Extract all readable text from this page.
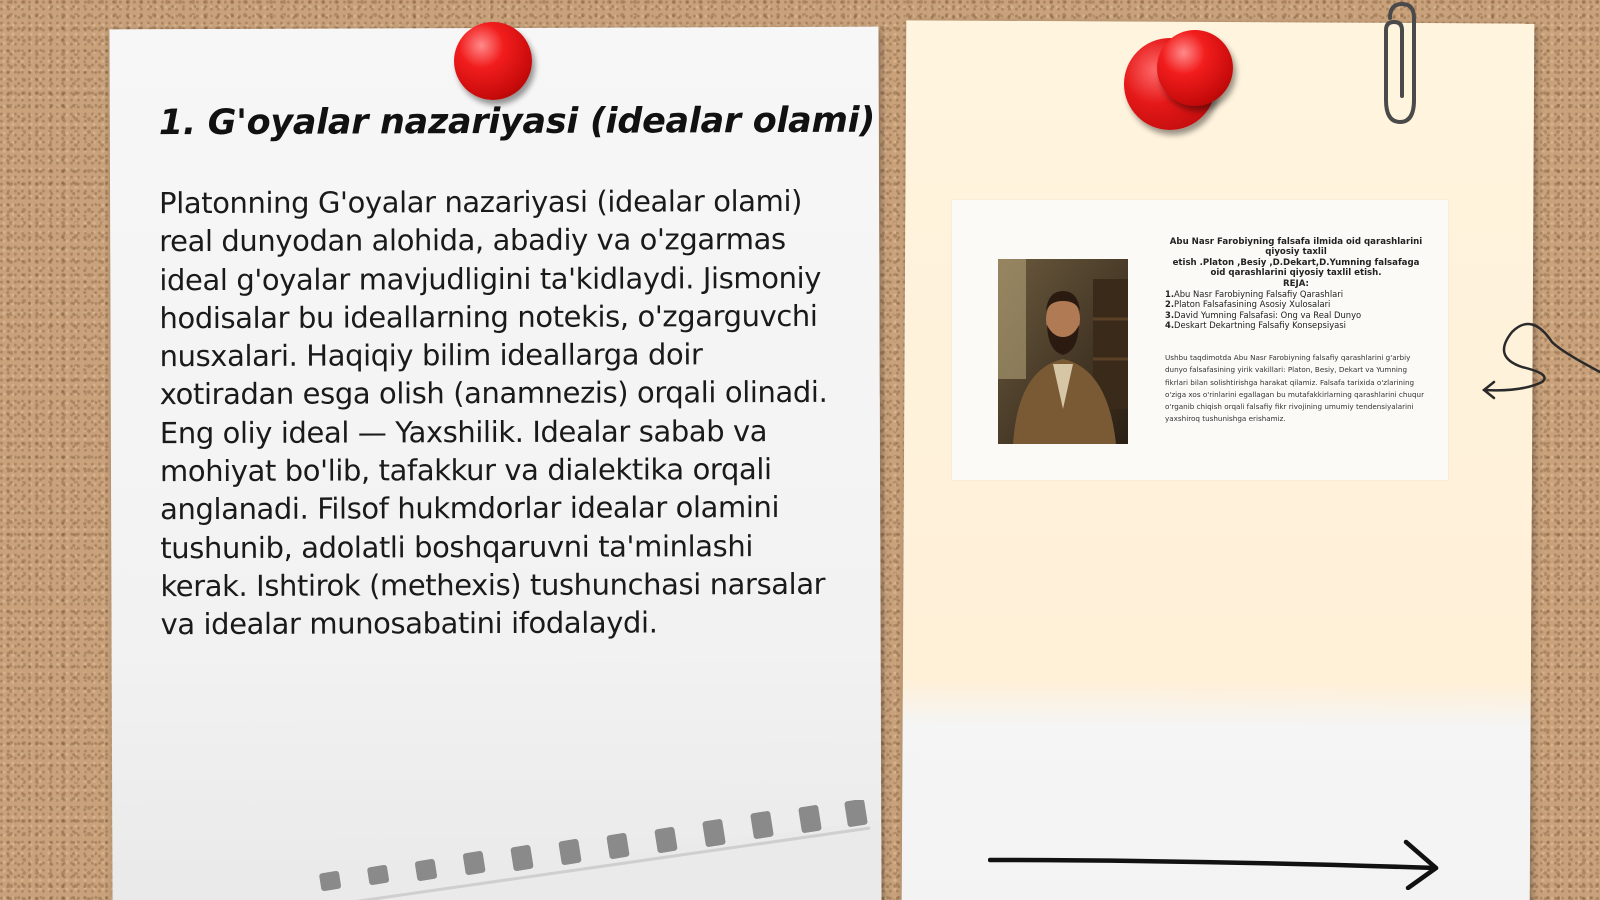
1. G'oyalar nazariyasi (idealar olami)

Platonning G'oyalar nazariyasi (idealar olami) real dunyodan alohida, abadiy va o'zgarmas ideal g'oyalar mavjudligini ta'kidlaydi. Jismoniy hodisalar bu ideallarning notekis, o'zgarguvchi nusxalari. Haqiqiy bilim ideallarga doir xotiradan esga olish (anamnezis) orqali olinadi. Eng oliy ideal — Yaxshilik. Idealar sabab va mohiyat bo'lib, tafakkur va dialektika orqali anglanadi. Filsof hukmdorlar idealar olamini tushunib, adolatli boshqaruvni ta'minlashi kerak. Ishtirok (methexis) tushunchasi narsalar va idealar munosabatini ifodalaydi.

Abu Nasr Farobiyning falsafa ilmida oid qarashlarini qiyosiy taxlil

etish .Platon ,Besiy ,D.Dekart,D.Yumning falsafaga oid qarashlarini qiyosiy taxlil etish.

REJA:

1.Abu Nasr Farobiyning Falsafiy Qarashlari
2.Platon Falsafasining Asosiy Xulosalari
3.David Yumning Falsafasi: Ong va Real Dunyo
4.Deskart Dekartning Falsafiy Konsepsiyasi

Ushbu taqdimotda Abu Nasr Farobiyning falsafiy qarashlarini g'arbiy dunyo falsafasining yirik vakillari: Platon, Besiy, Dekart va Yumning fikrlari bilan solishtirishga harakat qilamiz. Falsafa tarixida o'zlarining o'ziga xos o'rinlarini egallagan bu mutafakkirlarning qarashlarini chuqur o'rganib chiqish orqali falsafiy fikr rivojining umumiy tendensiyalarini yaxshiroq tushunishga erishamiz.
